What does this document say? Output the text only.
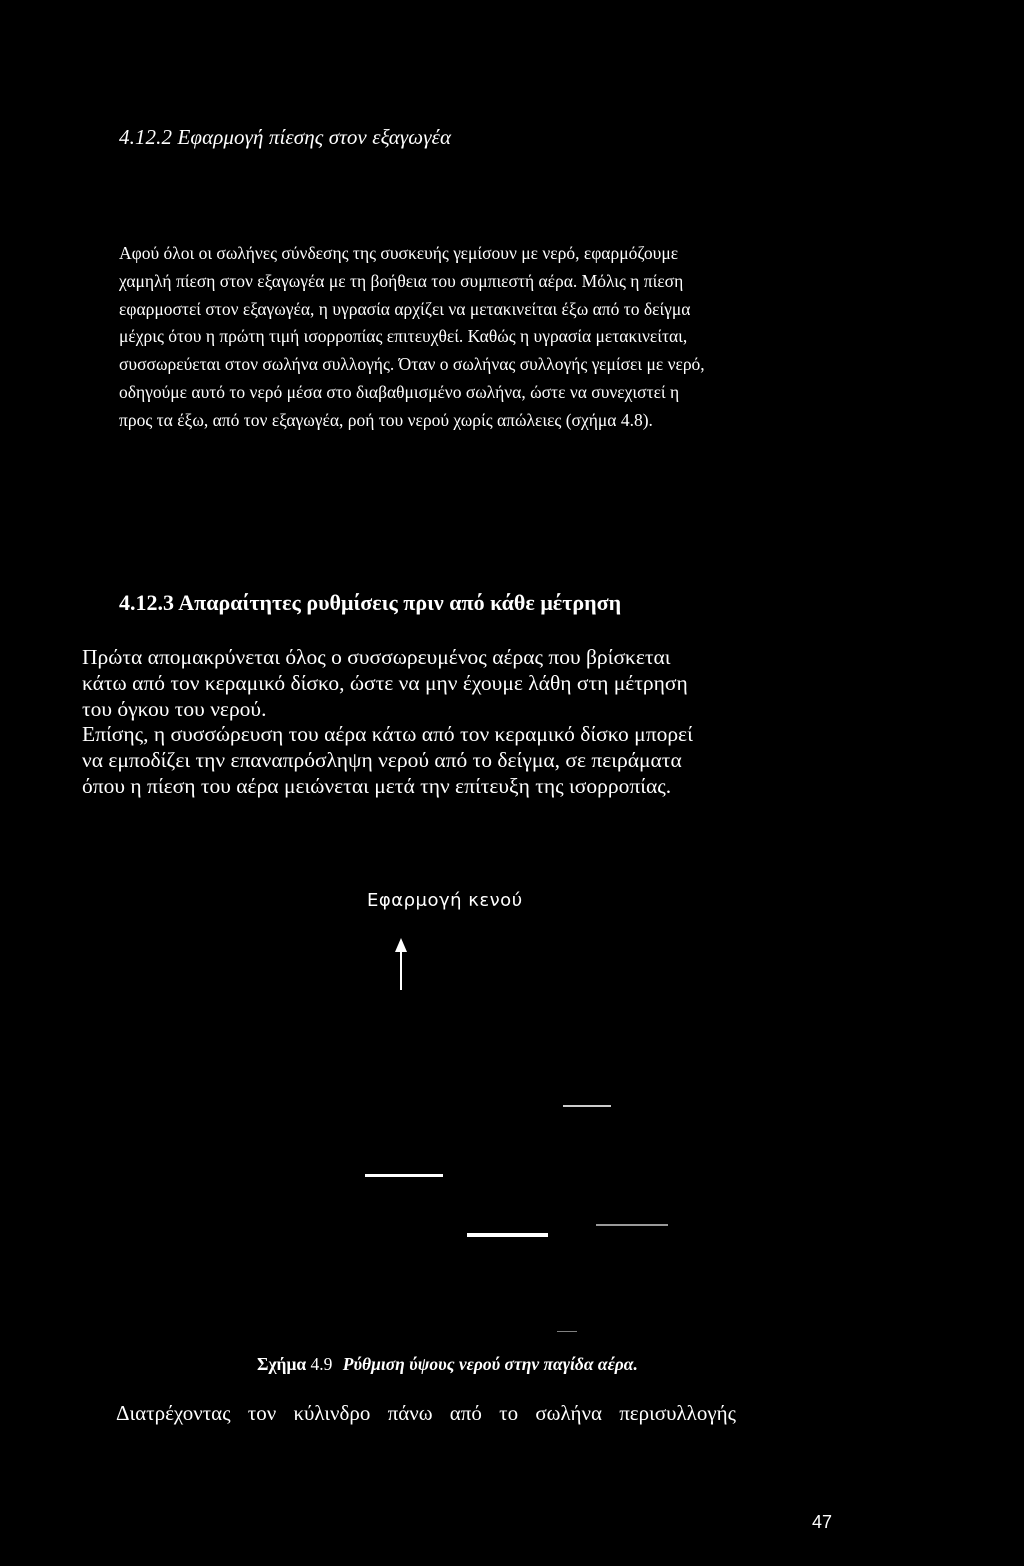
4.12.2 Εφαρμογή πίεσης στον εξαγωγέα
Αφού όλοι οι σωλήνες σύνδεσης της συσκευής γεμίσουν με νερό, εφαρμόζουμε
χαμηλή πίεση στον εξαγωγέα με τη βοήθεια του συμπιεστή αέρα. Μόλις η πίεση
εφαρμοστεί στον εξαγωγέα, η υγρασία αρχίζει να μετακινείται έξω από το δείγμα
μέχρις ότου η πρώτη τιμή ισορροπίας επιτευχθεί. Καθώς η υγρασία μετακινείται,
συσσωρεύεται στον σωλήνα συλλογής. Όταν ο σωλήνας συλλογής γεμίσει με νερό,
οδηγούμε αυτό το νερό μέσα στο διαβαθμισμένο σωλήνα, ώστε να συνεχιστεί η
προς τα έξω, από τον εξαγωγέα, ροή του νερού χωρίς απώλειες (σχήμα 4.8).
4.12.3 Απαραίτητες ρυθμίσεις πριν από κάθε μέτρηση
Πρώτα απομακρύνεται όλος ο συσσωρευμένος αέρας που βρίσκεται
κάτω από τον κεραμικό δίσκο, ώστε να μην έχουμε λάθη στη μέτρηση
του όγκου του νερού.
Επίσης, η συσσώρευση του αέρα κάτω από τον κεραμικό δίσκο μπορεί
να εμποδίζει την επαναπρόσληψη νερού από το δείγμα, σε πειράματα
όπου η πίεση του αέρα μειώνεται μετά την επίτευξη της ισορροπίας.
Εφαρμογή κενού
Σχήμα 4.9 Ρύθμιση ύψους νερού στην παγίδα αέρα.
Διατρέχοντας τον κύλινδρο πάνω από το σωλήνα περισυλλογής
47
